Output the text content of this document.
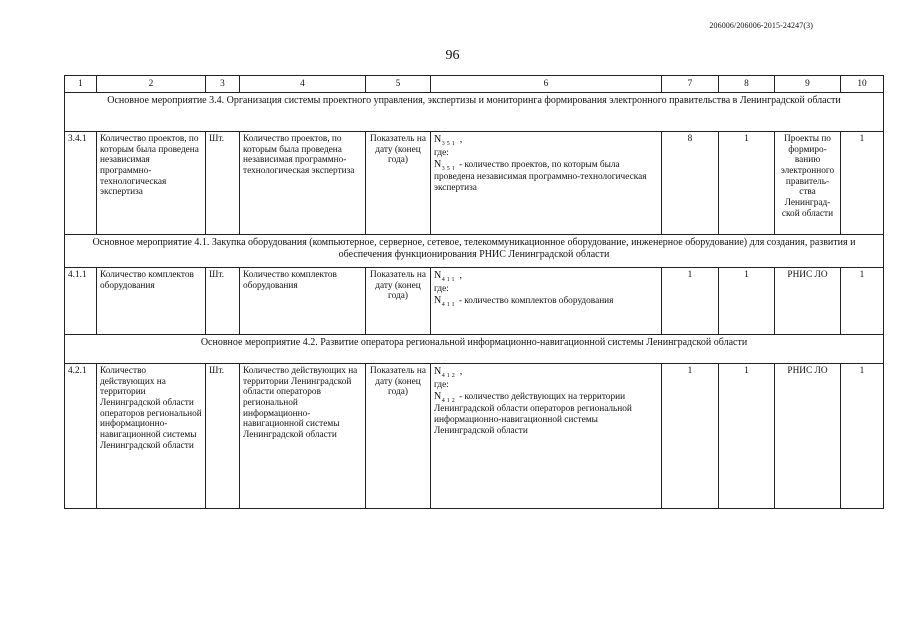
206006/206006-2015-24247(3)
96
1	2	3	4	5	6	7	8	9	10
Основное мероприятие 3.4. Организация системы проектного управления, экспертизы и мониторинга формирования электронного правительства в Ленинградской области									
3.4.1	Количество проектов, по которым была проведена независимая программно-технологическая экспертиза	Шт.	Количество проектов, по которым была проведена независимая программно-технологическая экспертиза	Показатель на дату (конец года)	$N_{351}$ ,
где:
$N_{351}$ - количество проектов, по которым была проведена независимая программно-технологическая экспертиза	8	1	Проекты по формиро-ванию электронного правитель-ства Ленинград-ской области	1
Основное мероприятие 4.1. Закупка оборудования (компьютерное, серверное, сетевое, телекоммуникационное оборудование, инженерное оборудование) для создания, развития и обеспечения функционирования РНИС Ленинградской области									
4.1.1	Количество комплектов оборудования	Шт.	Количество комплектов оборудования	Показатель на дату (конец года)	$N_{411}$ ,
где:
$N_{411}$ - количество комплектов оборудования	1	1	РНИС ЛО	1
Основное мероприятие 4.2. Развитие оператора региональной информационно-навигационной системы Ленинградской области									
4.2.1	Количество действующих на территории Ленинградской области операторов региональной информационно-навигационной системы Ленинградской области	Шт.	Количество действующих на территории Ленинградской области операторов региональной информационно-навигационной системы Ленинградской области	Показатель на дату (конец года)	$N_{412}$ ,
где:
$N_{412}$ - количество действующих на территории Ленинградской области операторов региональной информационно-навигационной системы Ленинградской области	1	1	РНИС ЛО	1
